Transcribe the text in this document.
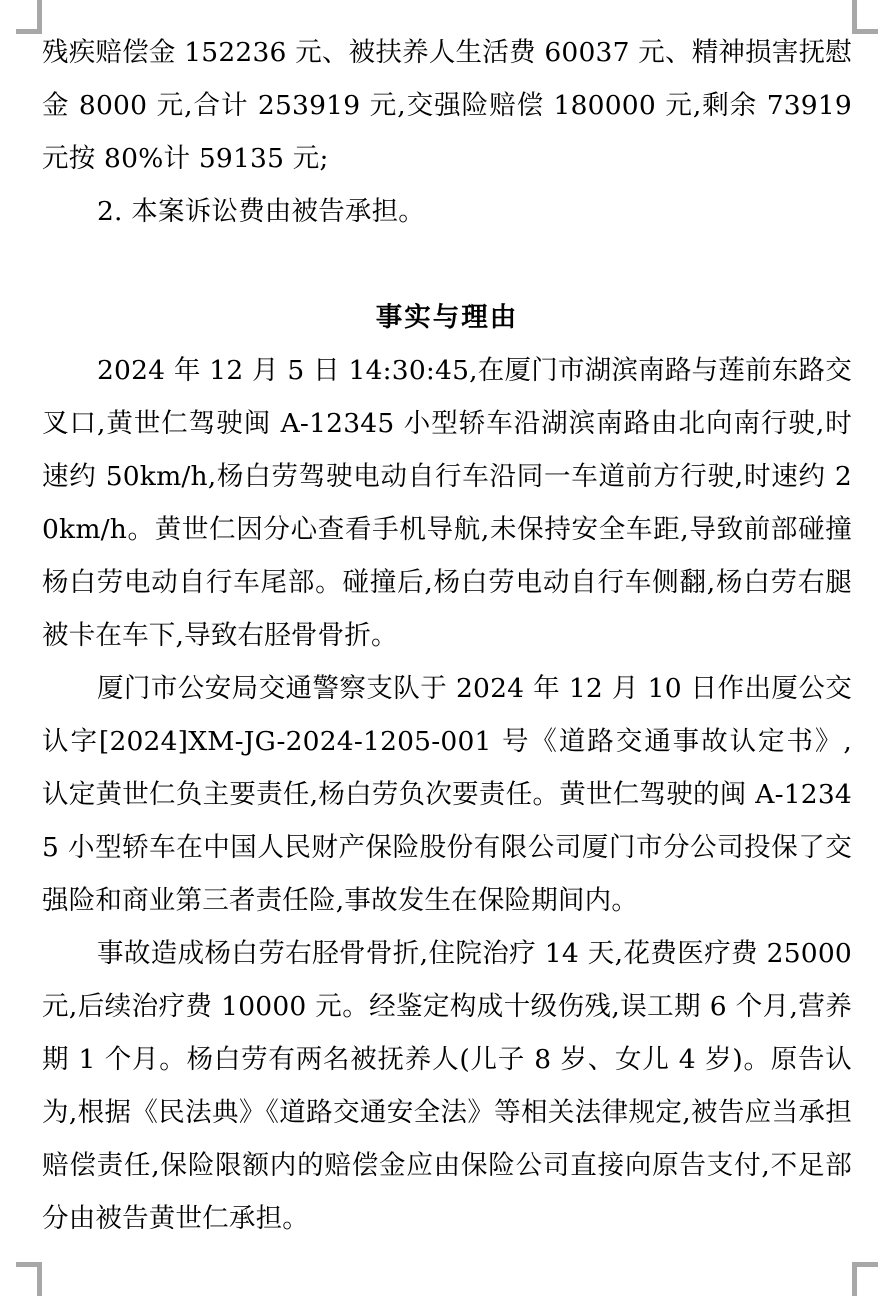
残疾赔偿金 152236 元、被扶养人生活费 60037 元、精神损害抚慰金 8000 元,合计 253919 元,交强险赔偿 180000 元,剩余 73919 元按 80%计 59135 元;

2. 本案诉讼费由被告承担。

事实与理由

2024 年 12 月 5 日 14:30:45,在厦门市湖滨南路与莲前东路交叉口,黄世仁驾驶闽 A-12345 小型轿车沿湖滨南路由北向南行驶,时速约 50km/h,杨白劳驾驶电动自行车沿同一车道前方行驶,时速约 20km/h。黄世仁因分心查看手机导航,未保持安全车距,导致前部碰撞杨白劳电动自行车尾部。碰撞后,杨白劳电动自行车侧翻,杨白劳右腿被卡在车下,导致右胫骨骨折。

厦门市公安局交通警察支队于 2024 年 12 月 10 日作出厦公交认字[2024]XM-JG-2024-1205-001 号《道路交通事故认定书》,认定黄世仁负主要责任,杨白劳负次要责任。黄世仁驾驶的闽 A-12345 小型轿车在中国人民财产保险股份有限公司厦门市分公司投保了交强险和商业第三者责任险,事故发生在保险期间内。

事故造成杨白劳右胫骨骨折,住院治疗 14 天,花费医疗费 25000 元,后续治疗费 10000 元。经鉴定构成十级伤残,误工期 6 个月,营养期 1 个月。杨白劳有两名被抚养人(儿子 8 岁、女儿 4 岁)。原告认为,根据《民法典》《道路交通安全法》等相关法律规定,被告应当承担赔偿责任,保险限额内的赔偿金应由保险公司直接向原告支付,不足部分由被告黄世仁承担。
